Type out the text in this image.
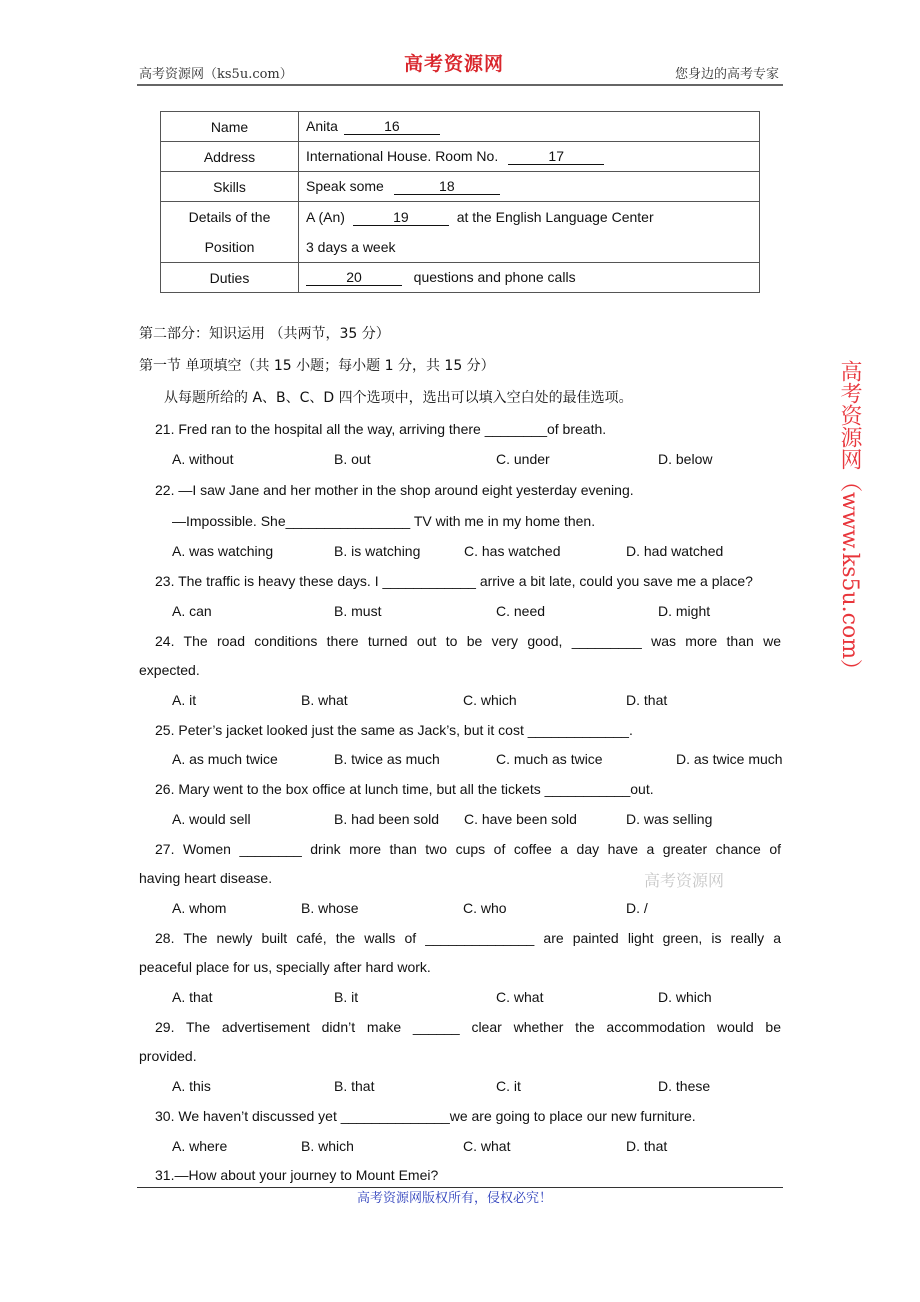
高考资源网（ks5u.com）	高考资源网	您身边的高考专家
Name	Anita 16
Address	International House. Room No. 17
Skills	Speak some 18
Details of the
Position	A (An) 19 at the English Language Center
3 days a week
Duties	20 questions and phone calls
第二部分：知识运用 （共两节，35 分）
第一节 单项填空（共 15 小题；每小题 1 分，共 15 分）
从每题所给的 A、B、C、D 四个选项中，选出可以填入空白处的最佳选项。
21. Fred ran to the hospital all the way, arriving there ________of breath.
A. without	B. out	C. under	D. below
22. —I saw Jane and her mother in the shop around eight yesterday evening.
—Impossible. She________________ TV with me in my home then.
A. was watching	B. is watching	C. has watched	D. had watched
23. The traffic is heavy these days. I ____________ arrive a bit late, could you save me a place?
A. can	B. must	C. need	D. might
24. The road conditions there turned out to be very good, _________ was more than we
expected.
A. it	B. what	C. which	D. that
25. Peter’s jacket looked just the same as Jack’s, but it cost _____________.
A. as much twice	B. twice as much	C. much as twice	D. as twice much
26. Mary went to the box office at lunch time, but all the tickets ___________out.
A. would sell	B. had been sold C. have been sold	D. was selling
27. Women ________ drink more than two cups of coffee a day have a greater chance of
having heart disease.
A. whom	B. whose	C. who	D. /
28. The newly built café, the walls of ______________ are painted light green, is really a
peaceful place for us, specially after hard work.
A. that	B. it	C. what	D. which
29. The advertisement didn’t make ______ clear whether the accommodation would be
provided.
A. this	B. that	C. it	D. these
30. We haven’t discussed yet ______________we are going to place our new furniture.
A. where	B. which	C. what	D. that
31.—How about your journey to Mount Emei?
高考资源网（www.ks5u.com）
高考资源网
高考资源网版权所有，侵权必究！
